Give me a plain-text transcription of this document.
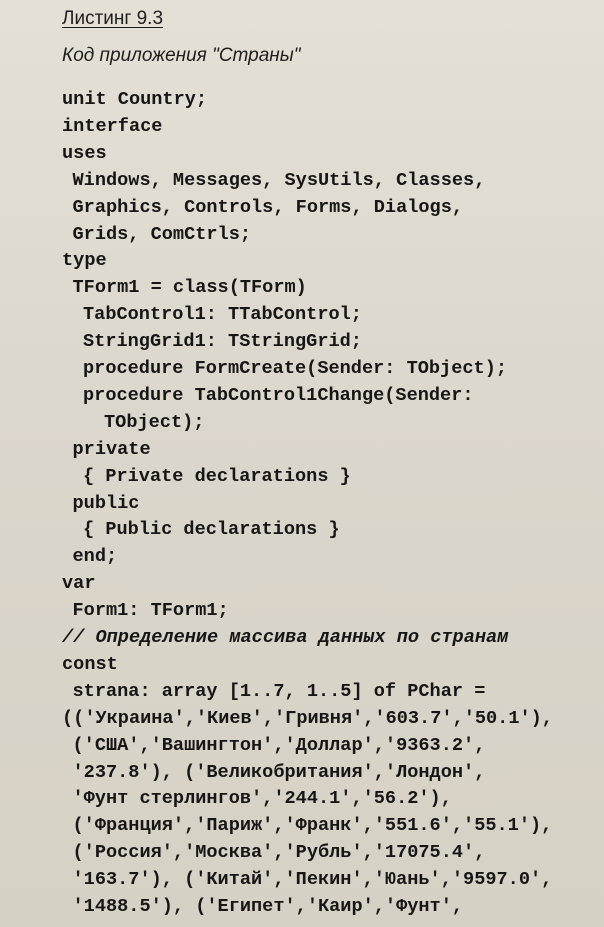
Листинг 9.3
Код приложения "Страны"
unit Country;
interface
uses
Windows, Messages, SysUtils, Classes,
Graphics, Controls, Forms, Dialogs,
Grids, ComCtrls;
type
TForm1 = class(TForm)
TabControl1: TTabControl;
StringGrid1: TStringGrid;
procedure FormCreate(Sender: TObject);
procedure TabControl1Change(Sender:
TObject);
private
{ Private declarations }
public
{ Public declarations }
end;
var
Form1: TForm1;
// Определение массива данных по странам
const
strana: array [1..7, 1..5] of PChar =
(('Украина','Киев','Гривня','603.7','50.1'),
('США','Вашингтон','Доллар','9363.2',
'237.8'), ('Великобритания','Лондон',
'Фунт стерлингов','244.1','56.2'),
('Франция','Париж','Франк','551.6','55.1'),
('Россия','Москва','Рубль','17075.4',
'163.7'), ('Китай','Пекин','Юань','9597.0',
'1488.5'), ('Египет','Каир','Фунт',
